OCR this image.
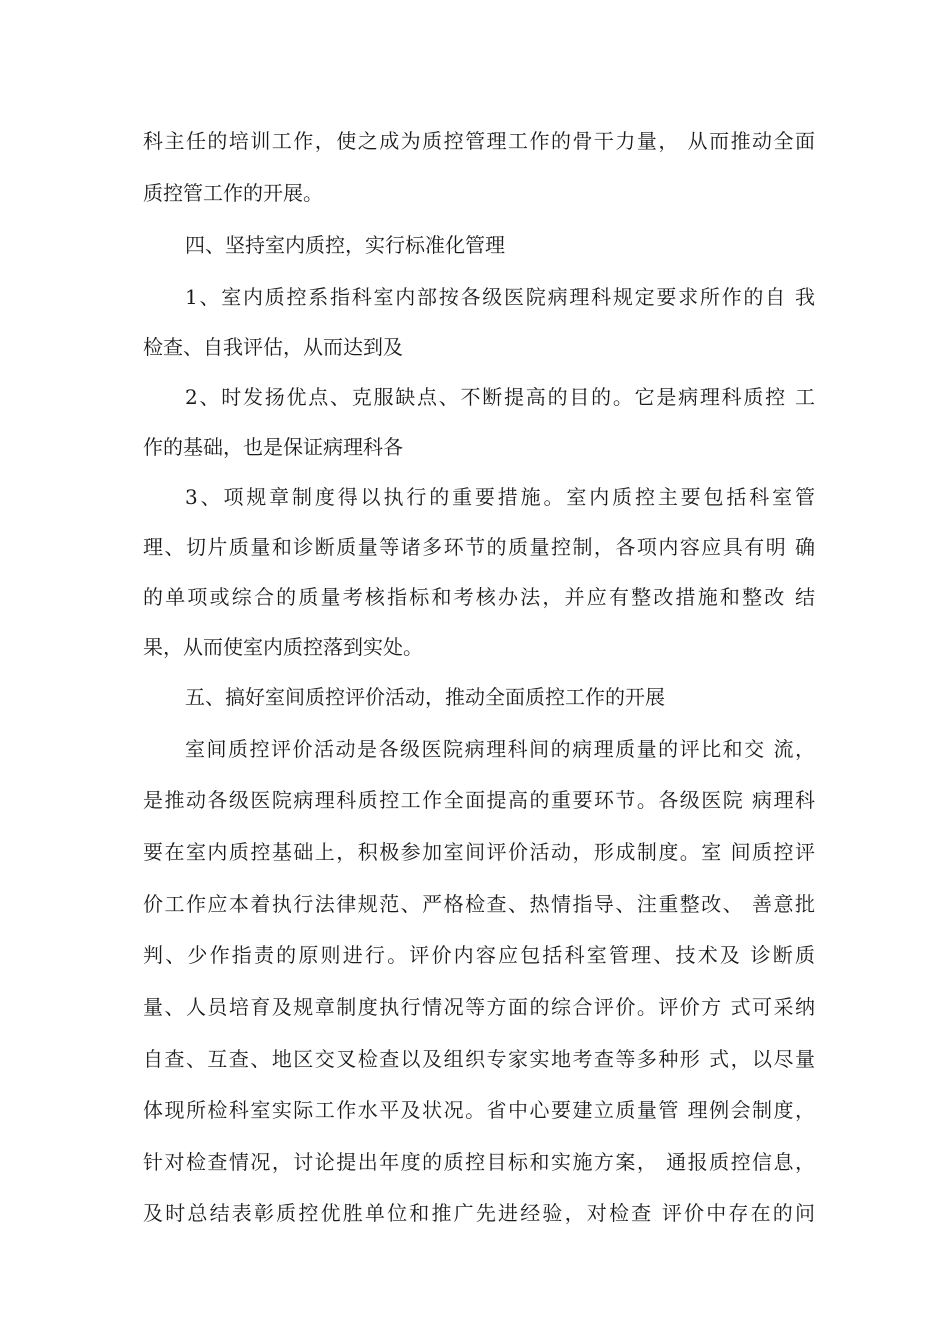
科主任的培训工作，使之成为质控管理工作的骨干力量， 从而推动全面
质控管工作的开展。
四、坚持室内质控，实行标准化管理
1、室内质控系指科室内部按各级医院病理科规定要求所作的自 我
检查、自我评估，从而达到及
2、时发扬优点、克服缺点、不断提高的目的。它是病理科质控 工
作的基础，也是保证病理科各
3、项规章制度得以执行的重要措施。室内质控主要包括科室管
理、切片质量和诊断质量等诸多环节的质量控制，各项内容应具有明 确
的单项或综合的质量考核指标和考核办法，并应有整改措施和整改 结
果，从而使室内质控落到实处。
五、搞好室间质控评价活动，推动全面质控工作的开展
室间质控评价活动是各级医院病理科间的病理质量的评比和交 流，
是推动各级医院病理科质控工作全面提高的重要环节。各级医院 病理科
要在室内质控基础上，积极参加室间评价活动，形成制度。室 间质控评
价工作应本着执行法律规范、严格检查、热情指导、注重整改、 善意批
判、少作指责的原则进行。评价内容应包括科室管理、技术及 诊断质
量、人员培育及规章制度执行情况等方面的综合评价。评价方 式可采纳
自查、互查、地区交叉检查以及组织专家实地考查等多种形 式，以尽量
体现所检科室实际工作水平及状况。省中心要建立质量管 理例会制度，
针对检查情况，讨论提出年度的质控目标和实施方案， 通报质控信息，
及时总结表彰质控优胜单位和推广先进经验，对检查 评价中存在的问
